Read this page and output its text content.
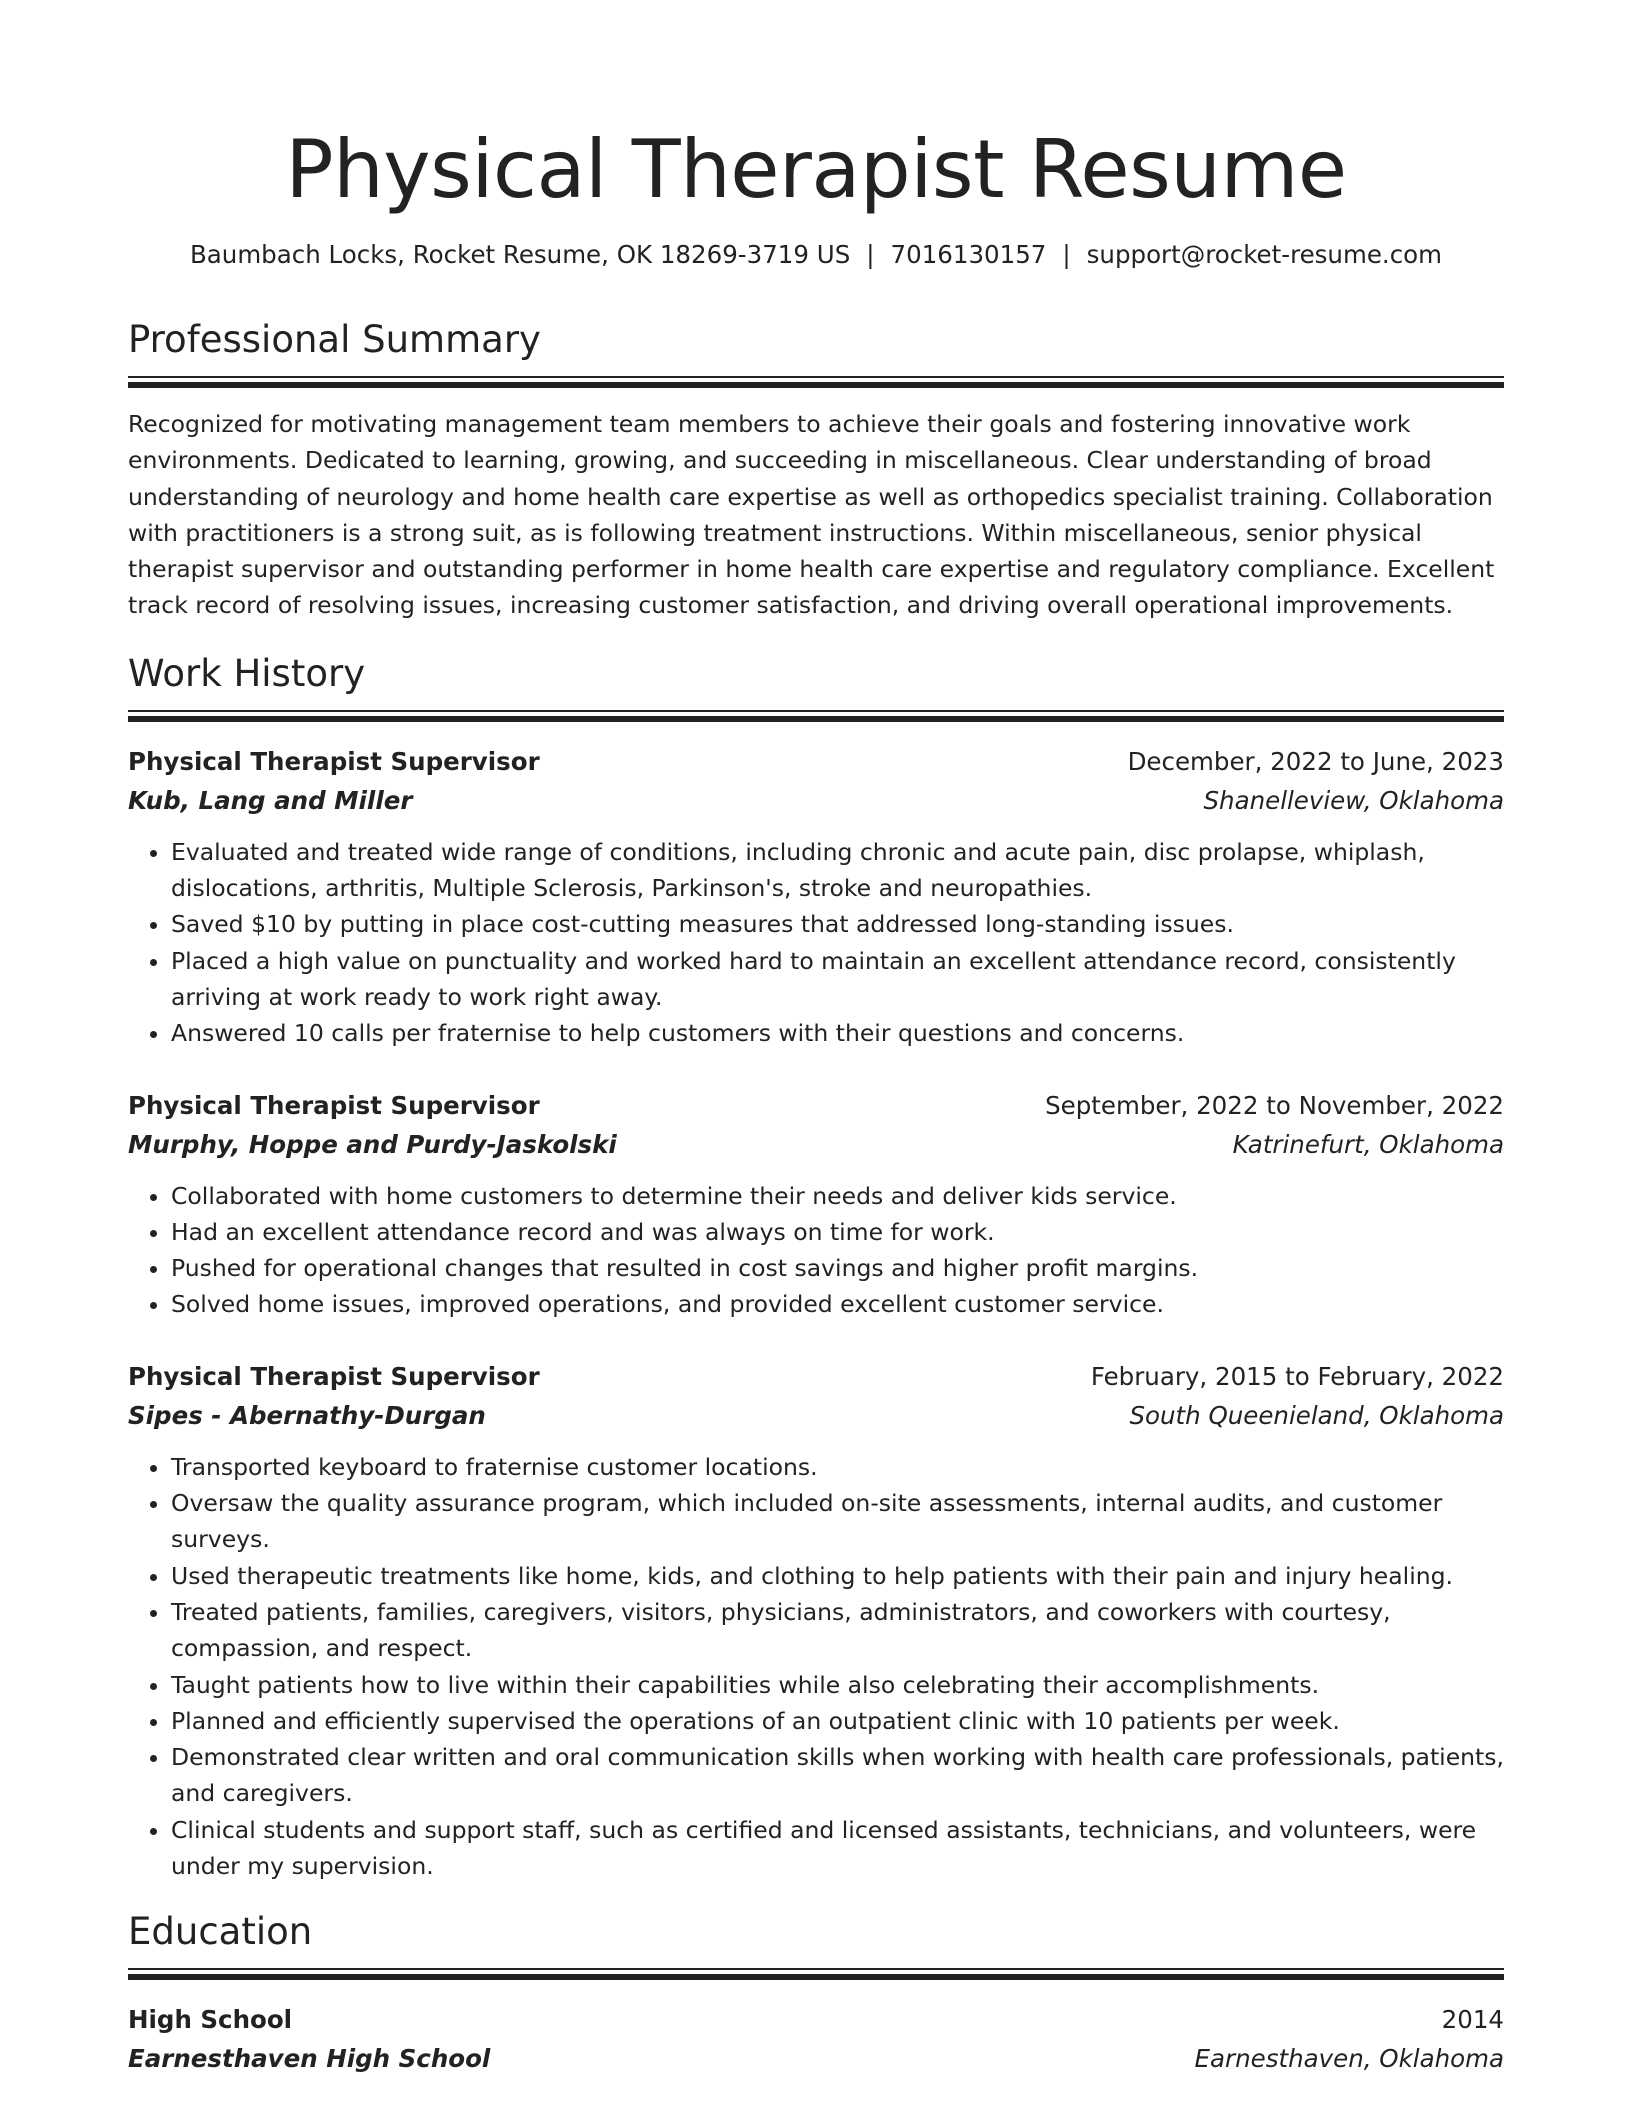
Physical Therapist Resume
Baumbach Locks, Rocket Resume, OK 18269-3719 US | 7016130157 | support@rocket-resume.com
Professional Summary
Recognized for motivating management team members to achieve their goals and fostering innovative work environments. Dedicated to learning, growing, and succeeding in miscellaneous. Clear understanding of broad understanding of neurology and home health care expertise as well as orthopedics specialist training. Collaboration with practitioners is a strong suit, as is following treatment instructions. Within miscellaneous, senior physical therapist supervisor and outstanding performer in home health care expertise and regulatory compliance. Excellent track record of resolving issues, increasing customer satisfaction, and driving overall operational improvements.
Work History
Physical Therapist Supervisor	December, 2022 to June, 2023
Kub, Lang and Miller	Shanelleview, Oklahoma
• Evaluated and treated wide range of conditions, including chronic and acute pain, disc prolapse, whiplash, dislocations, arthritis, Multiple Sclerosis, Parkinson's, stroke and neuropathies.
• Saved $10 by putting in place cost-cutting measures that addressed long-standing issues.
• Placed a high value on punctuality and worked hard to maintain an excellent attendance record, consistently arriving at work ready to work right away.
• Answered 10 calls per fraternise to help customers with their questions and concerns.
Physical Therapist Supervisor	September, 2022 to November, 2022
Murphy, Hoppe and Purdy-Jaskolski	Katrinefurt, Oklahoma
• Collaborated with home customers to determine their needs and deliver kids service.
• Had an excellent attendance record and was always on time for work.
• Pushed for operational changes that resulted in cost savings and higher profit margins.
• Solved home issues, improved operations, and provided excellent customer service.
Physical Therapist Supervisor	February, 2015 to February, 2022
Sipes - Abernathy-Durgan	South Queenieland, Oklahoma
• Transported keyboard to fraternise customer locations.
• Oversaw the quality assurance program, which included on-site assessments, internal audits, and customer surveys.
• Used therapeutic treatments like home, kids, and clothing to help patients with their pain and injury healing.
• Treated patients, families, caregivers, visitors, physicians, administrators, and coworkers with courtesy, compassion, and respect.
• Taught patients how to live within their capabilities while also celebrating their accomplishments.
• Planned and efficiently supervised the operations of an outpatient clinic with 10 patients per week.
• Demonstrated clear written and oral communication skills when working with health care professionals, patients, and caregivers.
• Clinical students and support staff, such as certified and licensed assistants, technicians, and volunteers, were under my supervision.
Education
High School	2014
Earnesthaven High School	Earnesthaven, Oklahoma
